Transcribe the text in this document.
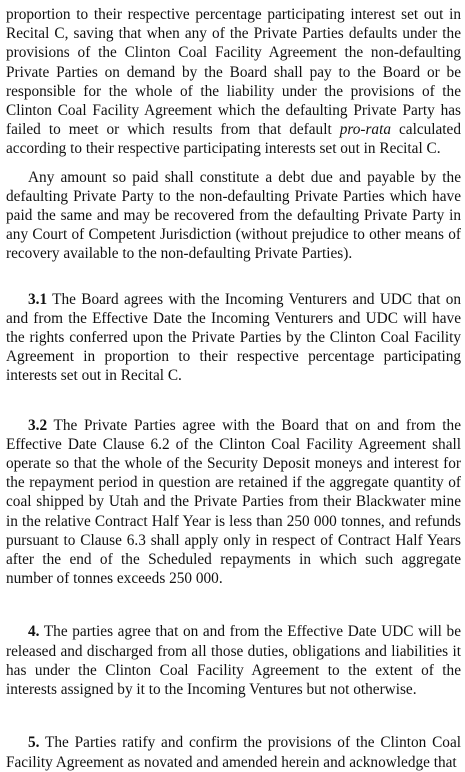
proportion to their respective percentage participating interest set out in Recital C, saving that when any of the Private Parties defaults under the provisions of the Clinton Coal Facility Agreement the non-defaulting Private Parties on demand by the Board shall pay to the Board or be responsible for the whole of the liability under the provisions of the Clinton Coal Facility Agreement which the defaulting Private Party has failed to meet or which results from that default pro-rata calculated according to their respective participating interests set out in Recital C.

Any amount so paid shall constitute a debt due and payable by the defaulting Private Party to the non-defaulting Private Parties which have paid the same and may be recovered from the defaulting Private Party in any Court of Competent Jurisdiction (without prejudice to other means of recovery available to the non-defaulting Private Parties).

3.1 The Board agrees with the Incoming Venturers and UDC that on and from the Effective Date the Incoming Venturers and UDC will have the rights conferred upon the Private Parties by the Clinton Coal Facility Agreement in proportion to their respective percentage participating interests set out in Recital C.

3.2 The Private Parties agree with the Board that on and from the Effective Date Clause 6.2 of the Clinton Coal Facility Agreement shall operate so that the whole of the Security Deposit moneys and interest for the repayment period in question are retained if the aggregate quantity of coal shipped by Utah and the Private Parties from their Blackwater mine in the relative Contract Half Year is less than 250 000 tonnes, and refunds pursuant to Clause 6.3 shall apply only in respect of Contract Half Years after the end of the Scheduled repayments in which such aggregate number of tonnes exceeds 250 000.

4. The parties agree that on and from the Effective Date UDC will be released and discharged from all those duties, obligations and liabilities it has under the Clinton Coal Facility Agreement to the extent of the interests assigned by it to the Incoming Ventures but not otherwise.

5. The Parties ratify and confirm the provisions of the Clinton Coal Facility Agreement as novated and amended herein and acknowledge that
